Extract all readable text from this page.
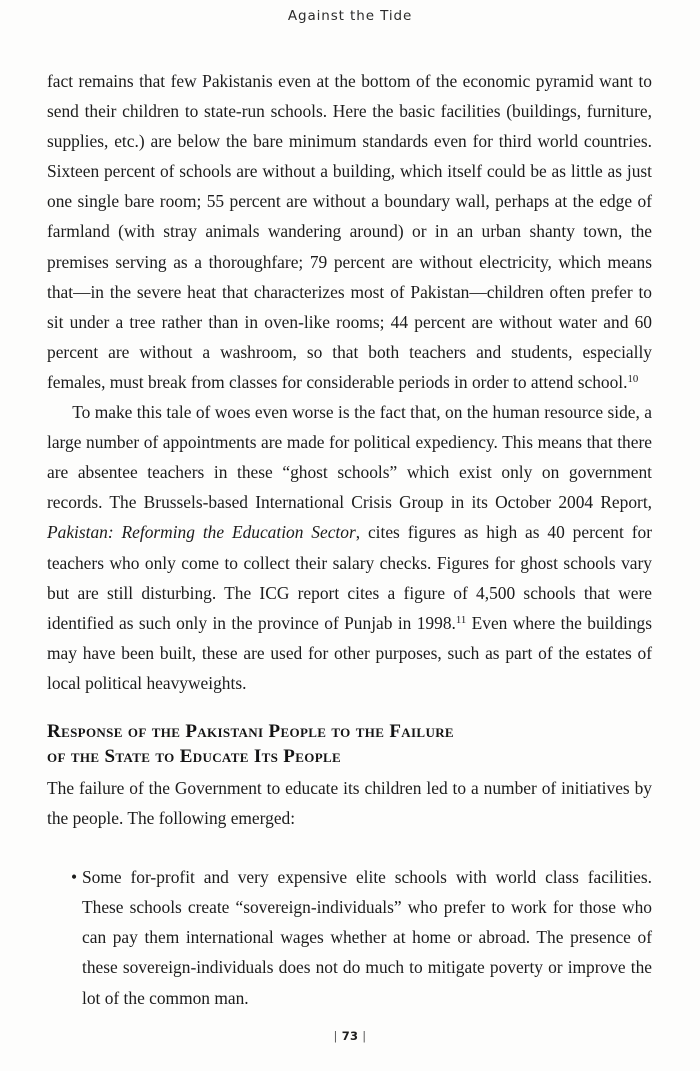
Against the Tide

fact remains that few Pakistanis even at the bottom of the economic pyramid want to send their children to state-run schools. Here the basic facilities (buildings, furniture, supplies, etc.) are below the bare minimum standards even for third world countries. Sixteen percent of schools are without a building, which itself could be as little as just one single bare room; 55 percent are without a boundary wall, perhaps at the edge of farmland (with stray animals wandering around) or in an urban shanty town, the premises serving as a thoroughfare; 79 percent are without electricity, which means that—in the severe heat that characterizes most of Pakistan—children often prefer to sit under a tree rather than in oven-like rooms; 44 percent are without water and 60 percent are without a washroom, so that both teachers and students, especially females, must break from classes for considerable periods in order to attend school.$^{10}$

To make this tale of woes even worse is the fact that, on the human resource side, a large number of appointments are made for political expediency. This means that there are absentee teachers in these “ghost schools” which exist only on government records. The Brussels-based International Crisis Group in its October 2004 Report, Pakistan: Reforming the Education Sector, cites figures as high as 40 percent for teachers who only come to collect their salary checks. Figures for ghost schools vary but are still disturbing. The ICG report cites a figure of 4,500 schools that were identified as such only in the province of Punjab in 1998.11 Even where the buildings may have been built, these are used for other purposes, such as part of the estates of local political heavyweights.

Response of the Pakistani People to the Failure
of the State to Educate Its People

The failure of the Government to educate its children led to a number of initiatives by the people. The following emerged:

• Some for-profit and very expensive elite schools with world class facilities. These schools create “sovereign-individuals” who prefer to work for those who can pay them international wages whether at home or abroad. The presence of these sovereign-individuals does not do much to mitigate poverty or improve the lot of the common man.
| 73 |
